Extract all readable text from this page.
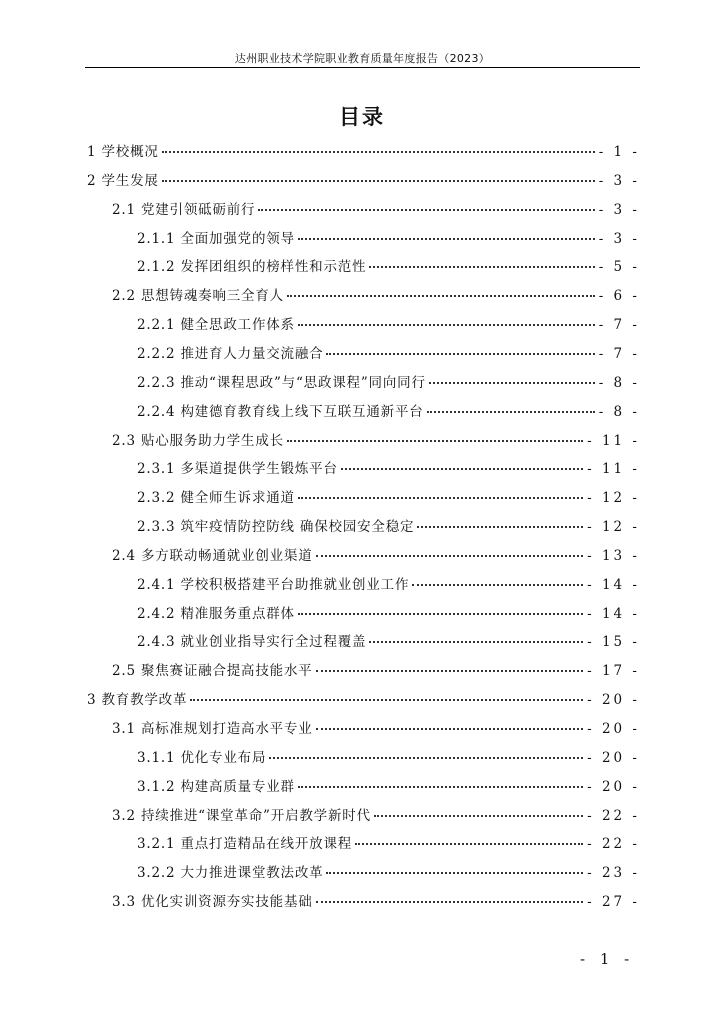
达州职业技术学院职业教育质量年度报告（2023）
目录
1 学校概况	- 1 -
2 学生发展	- 3 -
2.1 党建引领砥砺前行	- 3 -
2.1.1 全面加强党的领导	- 3 -
2.1.2 发挥团组织的榜样性和示范性	- 5 -
2.2 思想铸魂奏响三全育人	- 6 -
2.2.1 健全思政工作体系	- 7 -
2.2.2 推进育人力量交流融合	- 7 -
2.2.3 推动“课程思政”与“思政课程”同向同行	- 8 -
2.2.4 构建德育教育线上线下互联互通新平台	- 8 -
2.3 贴心服务助力学生成长	- 11 -
2.3.1 多渠道提供学生锻炼平台	- 11 -
2.3.2 健全师生诉求通道	- 12 -
2.3.3 筑牢疫情防控防线 确保校园安全稳定	- 12 -
2.4 多方联动畅通就业创业渠道	- 13 -
2.4.1 学校积极搭建平台助推就业创业工作	- 14 -
2.4.2 精准服务重点群体	- 14 -
2.4.3 就业创业指导实行全过程覆盖	- 15 -
2.5 聚焦赛证融合提高技能水平	- 17 -
3 教育教学改革	- 20 -
3.1 高标准规划打造高水平专业	- 20 -
3.1.1 优化专业布局	- 20 -
3.1.2 构建高质量专业群	- 20 -
3.2 持续推进“课堂革命”开启教学新时代	- 22 -
3.2.1 重点打造精品在线开放课程	- 22 -
3.2.2 大力推进课堂教法改革	- 23 -
3.3 优化实训资源夯实技能基础	- 27 -
- 1 -
